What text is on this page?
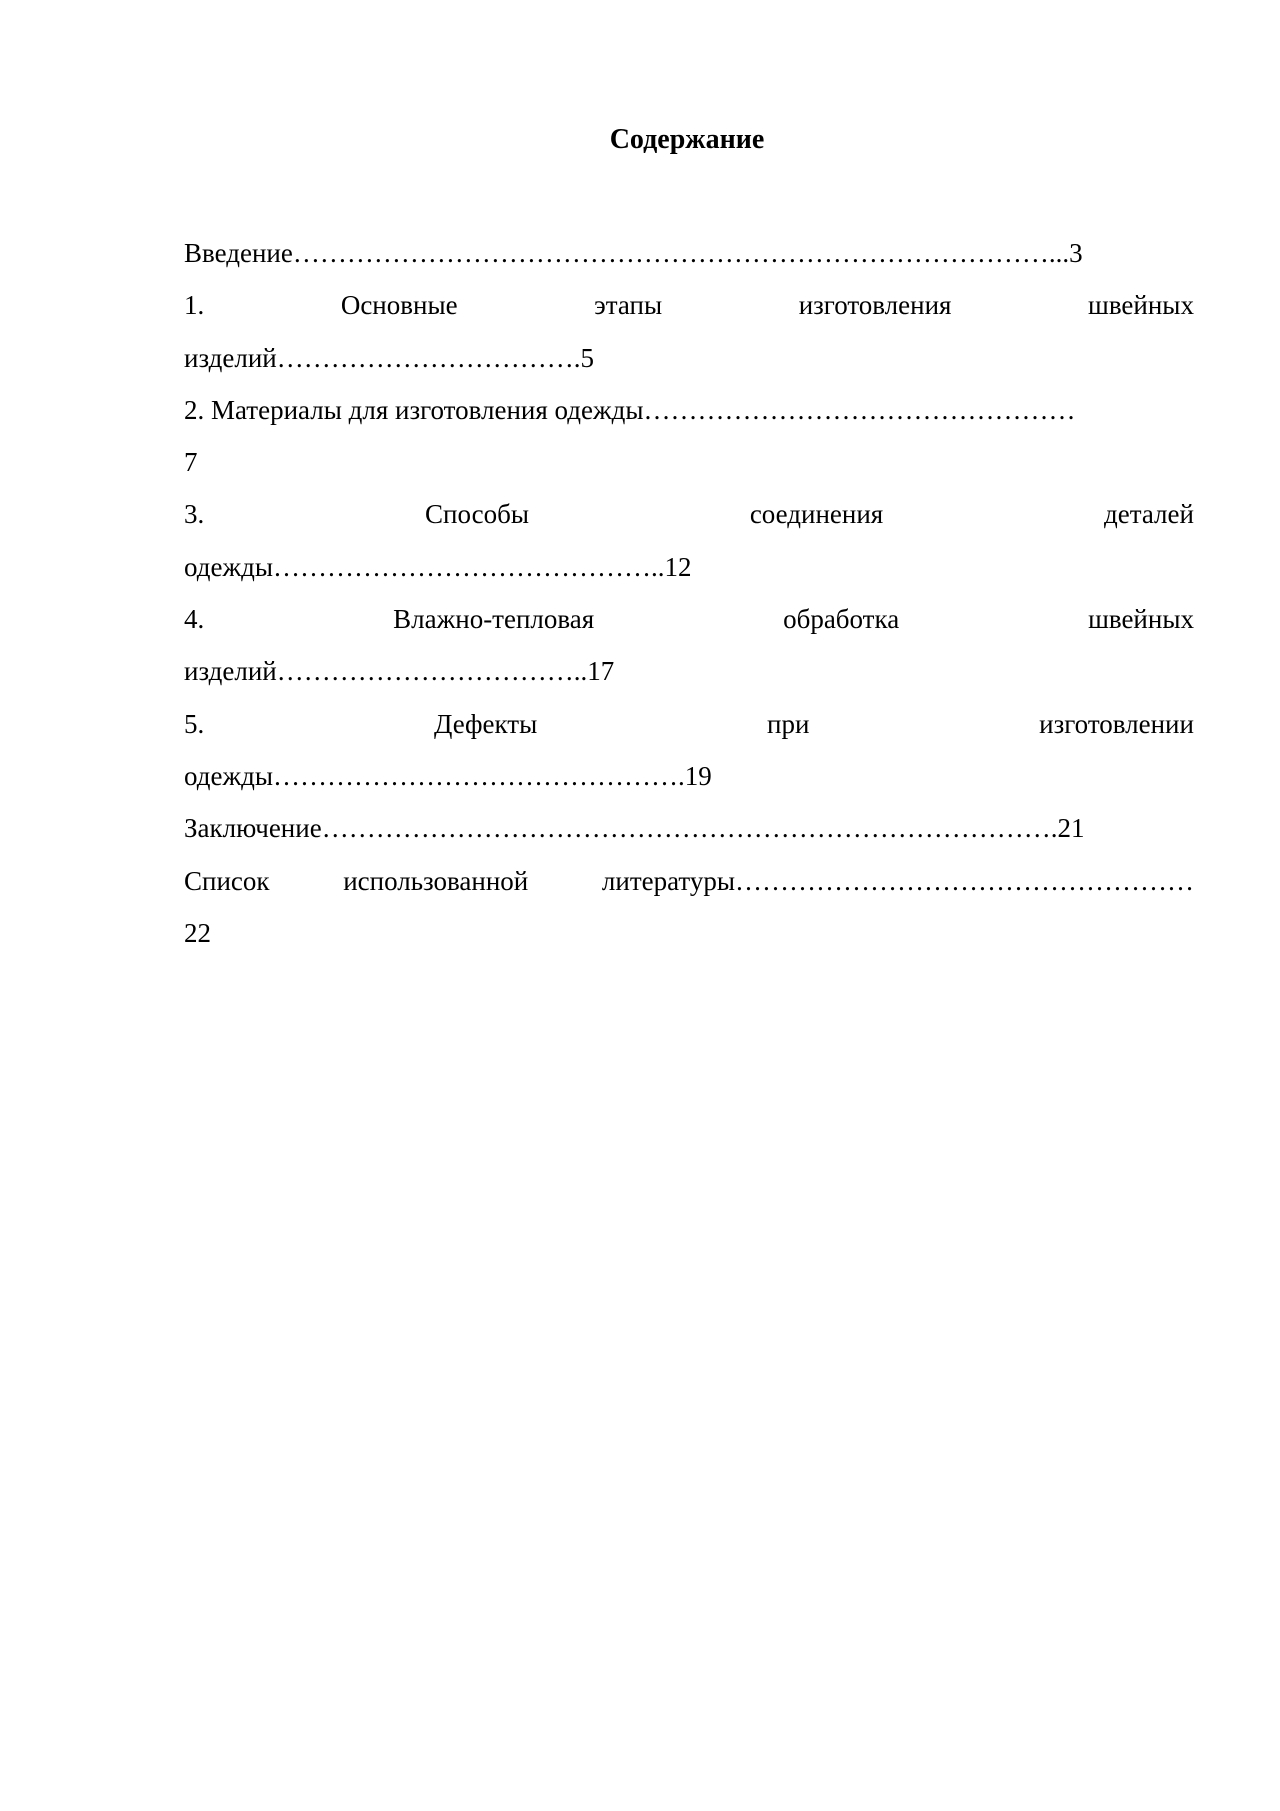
Содержание
Введение…………………………………………………………………………...3
1.	Основные	этапы	изготовления	швейных
изделий…………………………….5
2. Материалы для изготовления одежды…………………………………………
7
3.	Способы	соединения	деталей
одежды……………………………………..12
4.	Влажно-тепловая	обработка	швейных
изделий……………………………..17
5.	Дефекты	при	изготовлении
одежды……………………………………….19
Заключение……………………………………………………………………….21
Список	использованной	литературы……………………………………………
22
